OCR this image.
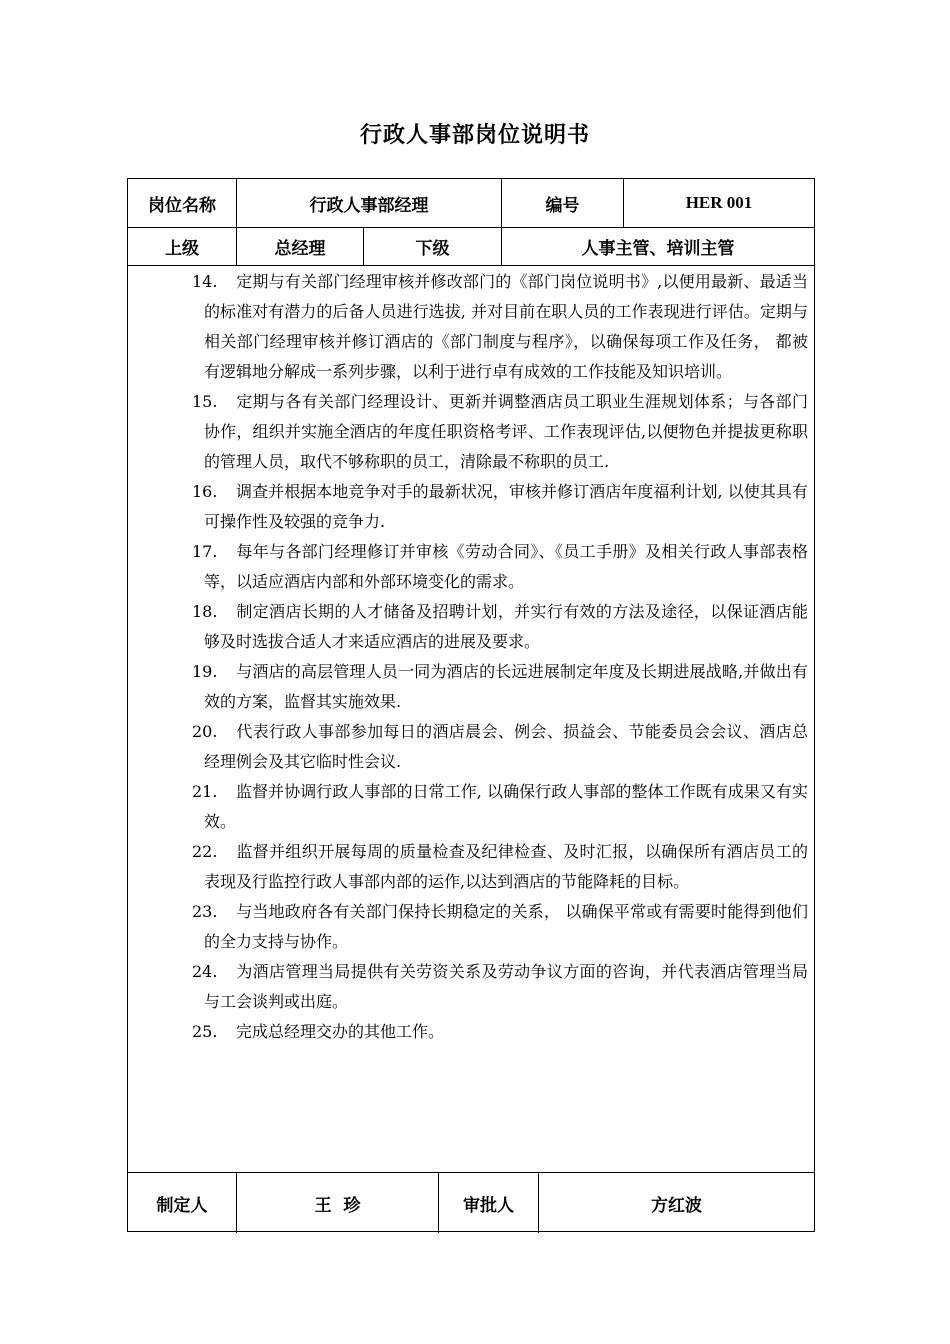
行政人事部岗位说明书
岗位名称	行政人事部经理	编号	HER 001
上级	总经理	下级	人事主管、培训主管
14. 定期与有关部门经理审核并修改部门的《部门岗位说明书》,以便用最新、最适当的标准对有潜力的后备人员进行选拔, 并对目前在职人员的工作表现进行评估。定期与相关部门经理审核并修订酒店的《部门制度与程序》，以确保每项工作及任务， 都被有逻辑地分解成一系列步骤，以利于进行卓有成效的工作技能及知识培训。
15. 定期与各有关部门经理设计、更新并调整酒店员工职业生涯规划体系；与各部门协作，组织并实施全酒店的年度任职资格考评、工作表现评估,以便物色并提拔更称职的管理人员，取代不够称职的员工，清除最不称职的员工.
16. 调查并根据本地竞争对手的最新状况，审核并修订酒店年度福利计划, 以使其具有可操作性及较强的竞争力.
17. 每年与各部门经理修订并审核《劳动合同》、《员工手册》及相关行政人事部表格等，以适应酒店内部和外部环境变化的需求。
18. 制定酒店长期的人才储备及招聘计划，并实行有效的方法及途径，以保证酒店能够及时选拔合适人才来适应酒店的进展及要求。
19. 与酒店的高层管理人员一同为酒店的长远进展制定年度及长期进展战略,并做出有效的方案，监督其实施效果.
20. 代表行政人事部参加每日的酒店晨会、例会、损益会、节能委员会会议、酒店总经理例会及其它临时性会议.
21. 监督并协调行政人事部的日常工作, 以确保行政人事部的整体工作既有成果又有实效。
22. 监督并组织开展每周的质量检查及纪律检查、及时汇报，以确保所有酒店员工的表现及行监控行政人事部内部的运作,以达到酒店的节能降耗的目标。
23. 与当地政府各有关部门保持长期稳定的关系， 以确保平常或有需要时能得到他们的全力支持与协作。
24. 为酒店管理当局提供有关劳资关系及劳动争议方面的咨询，并代表酒店管理当局与工会谈判或出庭。
25. 完成总经理交办的其他工作。
制定人	王  珍	审批人	方红波
